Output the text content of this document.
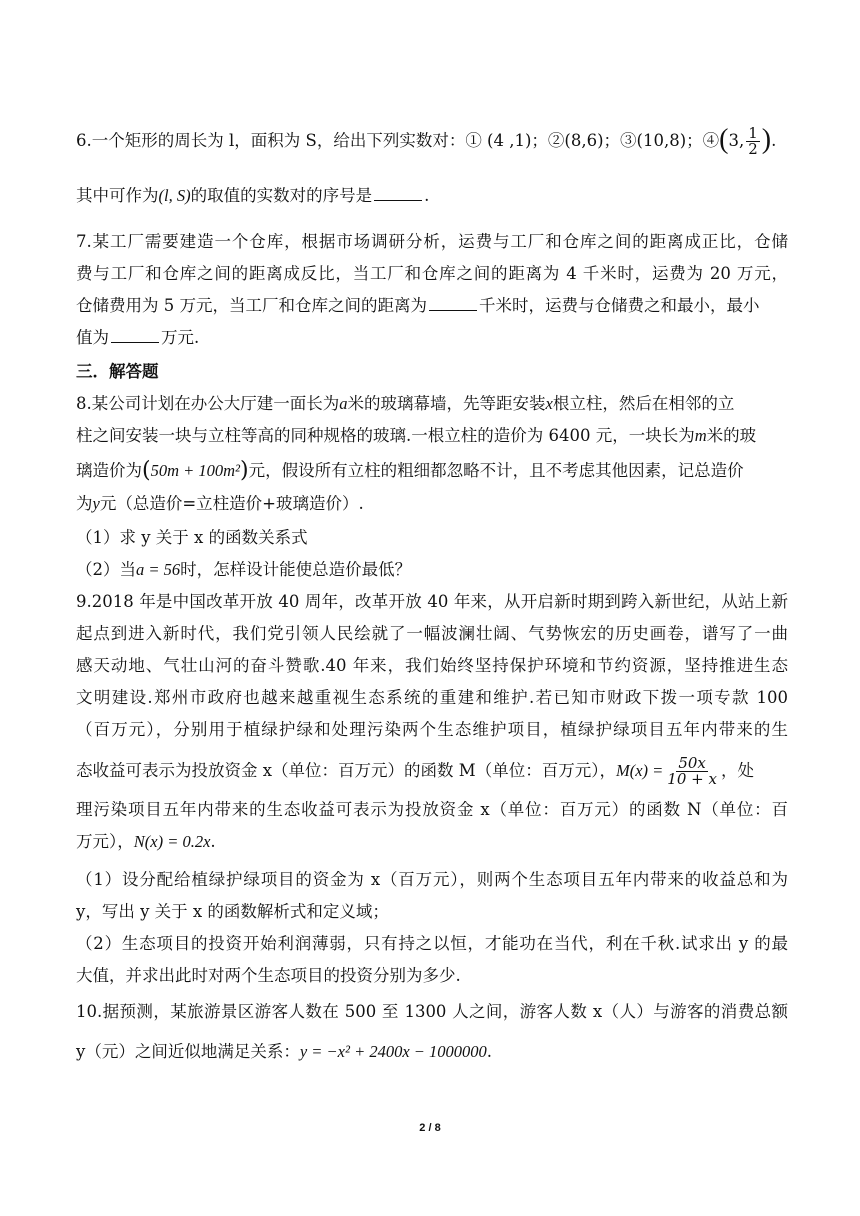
6.一个矩形的周长为 l，面积为 S，给出下列实数对：① (4 ,1)；②(8,6)；③(10,8)；④(3, $\frac{1}{2}$ ).
其中可作为(l, S)的取值的实数对的序号是	.
7.某工厂需要建造一个仓库，根据市场调研分析，运费与工厂和仓库之间的距离成正比，仓储
费与工厂和仓库之间的距离成反比，当工厂和仓库之间的距离为 4 千米时，运费为 20 万元，
仓储费用为 5 万元，当工厂和仓库之间的距离为	千米时，运费与仓储费之和最小，最小
值为	万元.
三．解答题
8.某公司计划在办公大厅建一面长为a米的玻璃幕墙，先等距安装x根立柱，然后在相邻的立
柱之间安装一块与立柱等高的同种规格的玻璃.一根立柱的造价为 6400 元，一块长为m米的玻
璃造价为(50m + 100m²)元，假设所有立柱的粗细都忽略不计，且不考虑其他因素，记总造价
为y元（总造价=立柱造价+玻璃造价）.
（1）求 y 关于 x 的函数关系式
（2）当a = 56时，怎样设计能使总造价最低？
9.2018 年是中国改革开放 40 周年，改革开放 40 年来，从开启新时期到跨入新世纪，从站上新
起点到进入新时代，我们党引领人民绘就了一幅波澜壮阔、气势恢宏的历史画卷，谱写了一曲
感天动地、气壮山河的奋斗赞歌.40 年来，我们始终坚持保护环境和节约资源，坚持推进生态
文明建设.郑州市政府也越来越重视生态系统的重建和维护.若已知市财政下拨一项专款 100
（百万元），分别用于植绿护绿和处理污染两个生态维护项目，植绿护绿项目五年内带来的生
态收益可表示为投放资金 x（单位：百万元）的函数 M（单位：百万元），$M(x) = \frac{50x}{10 + x}$ ，处
理污染项目五年内带来的生态收益可表示为投放资金 x（单位：百万元）的函数 N（单位：百
万元），N(x) = 0.2x.
（1）设分配给植绿护绿项目的资金为 x（百万元），则两个生态项目五年内带来的收益总和为
y，写出 y 关于 x 的函数解析式和定义域；
（2）生态项目的投资开始利润薄弱，只有持之以恒，才能功在当代，利在千秋.试求出 y 的最
大值，并求出此时对两个生态项目的投资分别为多少.
10.据预测，某旅游景区游客人数在 500 至 1300 人之间，游客人数 x（人）与游客的消费总额
y（元）之间近似地满足关系：y = −x² + 2400x − 1000000.
2 / 8
